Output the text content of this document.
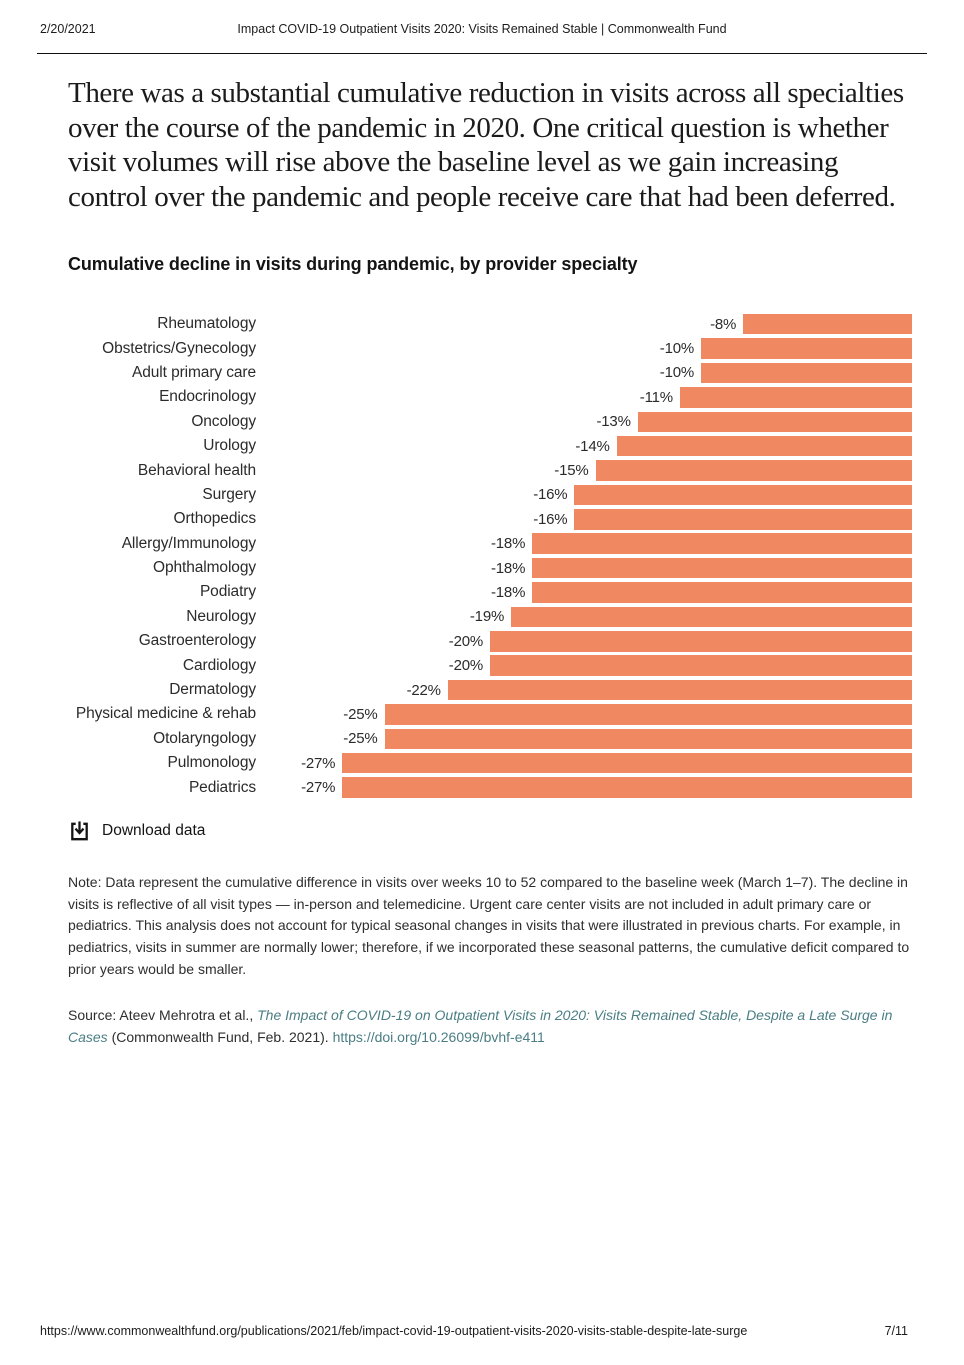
2/20/2021	Impact COVID-19 Outpatient Visits 2020: Visits Remained Stable | Commonwealth Fund

There was a substantial cumulative reduction in visits across all specialties over the course of the pandemic in 2020. One critical question is whether visit volumes will rise above the baseline level as we gain increasing control over the pandemic and people receive care that had been deferred.

Cumulative decline in visits during pandemic, by provider specialty
Rheumatology	-8%
Obstetrics/Gynecology	-10%
Adult primary care	-10%
Endocrinology	-11%
Oncology	-13%
Urology	-14%
Behavioral health	-15%
Surgery	-16%
Orthopedics	-16%
Allergy/Immunology	-18%
Ophthalmology	-18%
Podiatry	-18%
Neurology	-19%
Gastroenterology	-20%
Cardiology	-20%
Dermatology	-22%
Physical medicine & rehab	-25%
Otolaryngology	-25%
Pulmonology	-27%
Pediatrics	-27%
Download data

Note: Data represent the cumulative difference in visits over weeks 10 to 52 compared to the baseline week (March 1–7). The decline in visits is reflective of all visit types — in-person and telemedicine. Urgent care center visits are not included in adult primary care or pediatrics. This analysis does not account for typical seasonal changes in visits that were illustrated in previous charts. For example, in pediatrics, visits in summer are normally lower; therefore, if we incorporated these seasonal patterns, the cumulative deficit compared to prior years would be smaller.

Source: Ateev Mehrotra et al., The Impact of COVID-19 on Outpatient Visits in 2020: Visits Remained Stable, Despite a Late Surge in Cases (Commonwealth Fund, Feb. 2021). https://doi.org/10.26099/bvhf-e411

https://www.commonwealthfund.org/publications/2021/feb/impact-covid-19-outpatient-visits-2020-visits-stable-despite-late-surge	7/11
